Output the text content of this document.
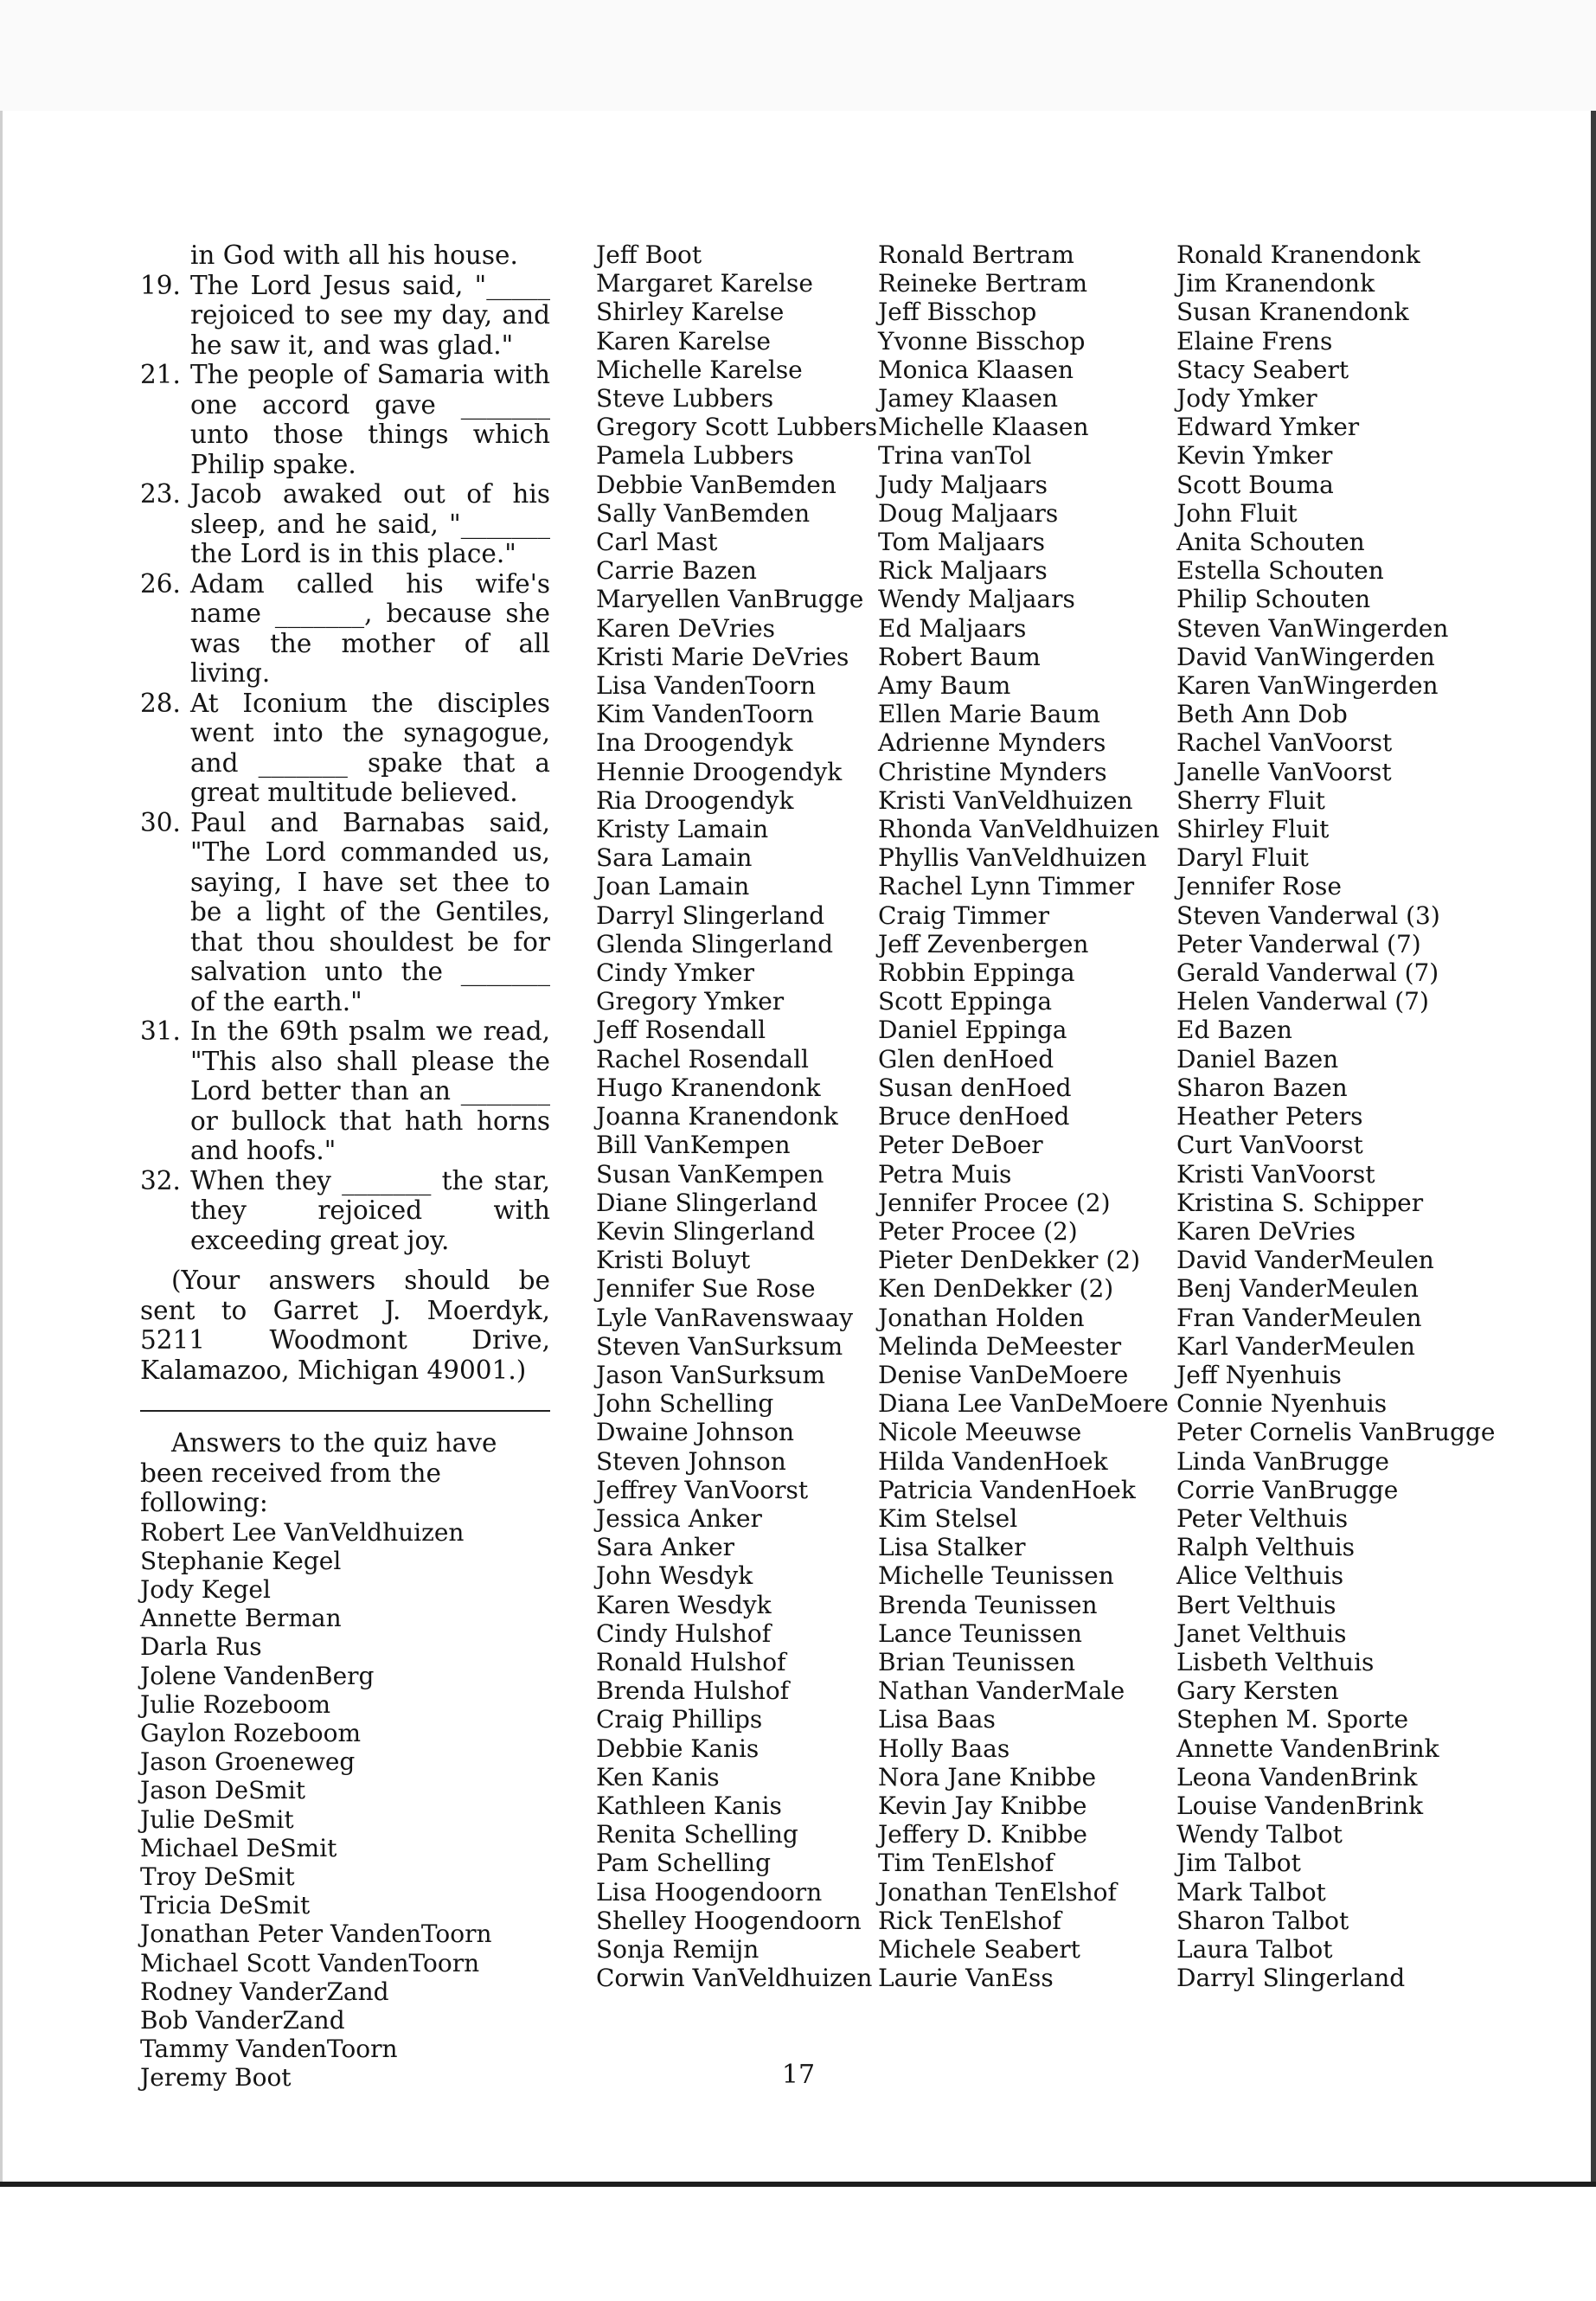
in God with all his house.
19. The Lord Jesus said, "_____ rejoiced to see my day, and he saw it, and was glad."
21. The people of Samaria with one accord gave _______ unto those things which Philip spake.
23. Jacob awaked out of his sleep, and he said, "_______ the Lord is in this place."
26. Adam called his wife's name _______, because she was the mother of all living.
28. At Iconium the disciples went into the synagogue, and _______ spake that a great multitude believed.
30. Paul and Barnabas said, "The Lord commanded us, saying, I have set thee to be a light of the Gentiles, that thou shouldest be for salvation unto the _______ of the earth."
31. In the 69th psalm we read, "This also shall please the Lord better than an _______ or bullock that hath horns and hoofs."
32. When they _______ the star, they rejoiced with exceeding great joy.
(Your answers should be sent to Garret J. Moerdyk, 5211 Woodmont Drive, Kalamazoo, Michigan 49001.)
Answers to the quiz have been received from the following:
Robert Lee VanVeldhuizen
Stephanie Kegel
Jody Kegel
Annette Berman
Darla Rus
Jolene VandenBerg
Julie Rozeboom
Gaylon Rozeboom
Jason Groeneweg
Jason DeSmit
Julie DeSmit
Michael DeSmit
Troy DeSmit
Tricia DeSmit
Jonathan Peter VandenToorn
Michael Scott VandenToorn
Rodney VanderZand
Bob VanderZand
Tammy VandenToorn
Jeremy Boot
Jeff Boot
Margaret Karelse
Shirley Karelse
Karen Karelse
Michelle Karelse
Steve Lubbers
Gregory Scott Lubbers
Pamela Lubbers
Debbie VanBemden
Sally VanBemden
Carl Mast
Carrie Bazen
Maryellen VanBrugge
Karen DeVries
Kristi Marie DeVries
Lisa VandenToorn
Kim VandenToorn
Ina Droogendyk
Hennie Droogendyk
Ria Droogendyk
Kristy Lamain
Sara Lamain
Joan Lamain
Darryl Slingerland
Glenda Slingerland
Cindy Ymker
Gregory Ymker
Jeff Rosendall
Rachel Rosendall
Hugo Kranendonk
Joanna Kranendonk
Bill VanKempen
Susan VanKempen
Diane Slingerland
Kevin Slingerland
Kristi Boluyt
Jennifer Sue Rose
Lyle VanRavenswaay
Steven VanSurksum
Jason VanSurksum
John Schelling
Dwaine Johnson
Steven Johnson
Jeffrey VanVoorst
Jessica Anker
Sara Anker
John Wesdyk
Karen Wesdyk
Cindy Hulshof
Ronald Hulshof
Brenda Hulshof
Craig Phillips
Debbie Kanis
Ken Kanis
Kathleen Kanis
Renita Schelling
Pam Schelling
Lisa Hoogendoorn
Shelley Hoogendoorn
Sonja Remijn
Corwin VanVeldhuizen
Ronald Bertram
Reineke Bertram
Jeff Bisschop
Yvonne Bisschop
Monica Klaasen
Jamey Klaasen
Michelle Klaasen
Trina vanTol
Judy Maljaars
Doug Maljaars
Tom Maljaars
Rick Maljaars
Wendy Maljaars
Ed Maljaars
Robert Baum
Amy Baum
Ellen Marie Baum
Adrienne Mynders
Christine Mynders
Kristi VanVeldhuizen
Rhonda VanVeldhuizen
Phyllis VanVeldhuizen
Rachel Lynn Timmer
Craig Timmer
Jeff Zevenbergen
Robbin Eppinga
Scott Eppinga
Daniel Eppinga
Glen denHoed
Susan denHoed
Bruce denHoed
Peter DeBoer
Petra Muis
Jennifer Procee (2)
Peter Procee (2)
Pieter DenDekker (2)
Ken DenDekker (2)
Jonathan Holden
Melinda DeMeester
Denise VanDeMoere
Diana Lee VanDeMoere
Nicole Meeuwse
Hilda VandenHoek
Patricia VandenHoek
Kim Stelsel
Lisa Stalker
Michelle Teunissen
Brenda Teunissen
Lance Teunissen
Brian Teunissen
Nathan VanderMale
Lisa Baas
Holly Baas
Nora Jane Knibbe
Kevin Jay Knibbe
Jeffery D. Knibbe
Tim TenElshof
Jonathan TenElshof
Rick TenElshof
Michele Seabert
Laurie VanEss
Ronald Kranendonk
Jim Kranendonk
Susan Kranendonk
Elaine Frens
Stacy Seabert
Jody Ymker
Edward Ymker
Kevin Ymker
Scott Bouma
John Fluit
Anita Schouten
Estella Schouten
Philip Schouten
Steven VanWingerden
David VanWingerden
Karen VanWingerden
Beth Ann Dob
Rachel VanVoorst
Janelle VanVoorst
Sherry Fluit
Shirley Fluit
Daryl Fluit
Jennifer Rose
Steven Vanderwal (3)
Peter Vanderwal (7)
Gerald Vanderwal (7)
Helen Vanderwal (7)
Ed Bazen
Daniel Bazen
Sharon Bazen
Heather Peters
Curt VanVoorst
Kristi VanVoorst
Kristina S. Schipper
Karen DeVries
David VanderMeulen
Benj VanderMeulen
Fran VanderMeulen
Karl VanderMeulen
Jeff Nyenhuis
Connie Nyenhuis
Peter Cornelis VanBrugge
Linda VanBrugge
Corrie VanBrugge
Peter Velthuis
Ralph Velthuis
Alice Velthuis
Bert Velthuis
Janet Velthuis
Lisbeth Velthuis
Gary Kersten
Stephen M. Sporte
Annette VandenBrink
Leona VandenBrink
Louise VandenBrink
Wendy Talbot
Jim Talbot
Mark Talbot
Sharon Talbot
Laura Talbot
Darryl Slingerland
17
